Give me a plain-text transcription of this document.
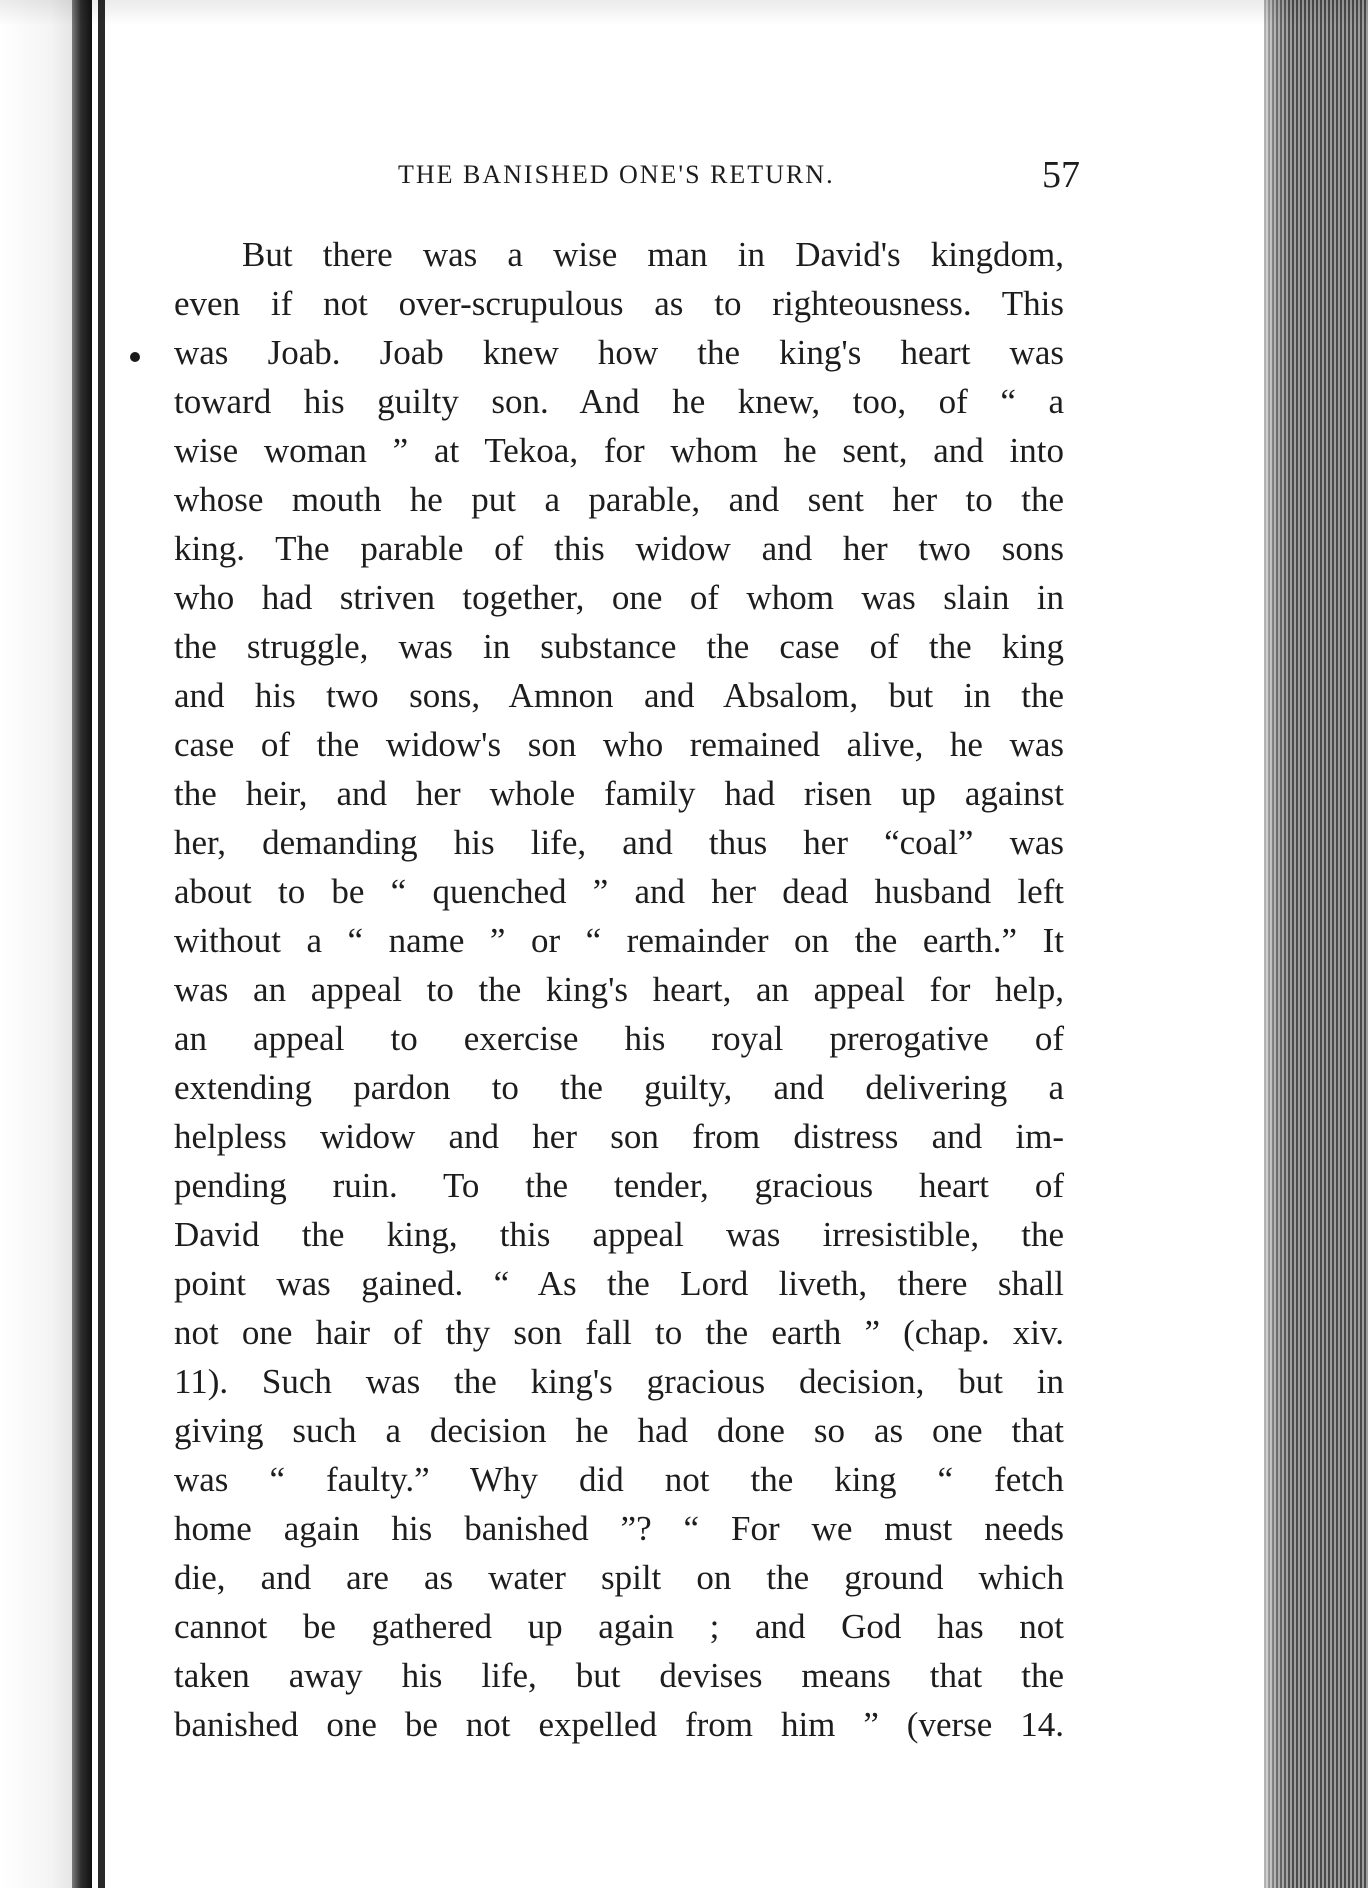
THE BANISHED ONE'S RETURN.	57
But there was a wise man in David's kingdom,
even if not over-scrupulous as to righteousness. This
was Joab. Joab knew how the king's heart was
toward his guilty son. And he knew, too, of “ a
wise woman ” at Tekoa, for whom he sent, and into
whose mouth he put a parable, and sent her to the
king. The parable of this widow and her two sons
who had striven together, one of whom was slain in
the struggle, was in substance the case of the king
and his two sons, Amnon and Absalom, but in the
case of the widow's son who remained alive, he was
the heir, and her whole family had risen up against
her, demanding his life, and thus her “coal” was
about to be “ quenched ” and her dead husband left
without a “ name ” or “ remainder on the earth.” It
was an appeal to the king's heart, an appeal for help,
an appeal to exercise his royal prerogative of
extending pardon to the guilty, and delivering a
helpless widow and her son from distress and im-
pending ruin. To the tender, gracious heart of
David the king, this appeal was irresistible, the
point was gained. “ As the Lord liveth, there shall
not one hair of thy son fall to the earth ” (chap. xiv.
11). Such was the king's gracious decision, but in
giving such a decision he had done so as one that
was “ faulty.” Why did not the king “ fetch
home again his banished ”? “ For we must needs
die, and are as water spilt on the ground which
cannot be gathered up again ; and God has not
taken away his life, but devises means that the
banished one be not expelled from him ” (verse 14.
